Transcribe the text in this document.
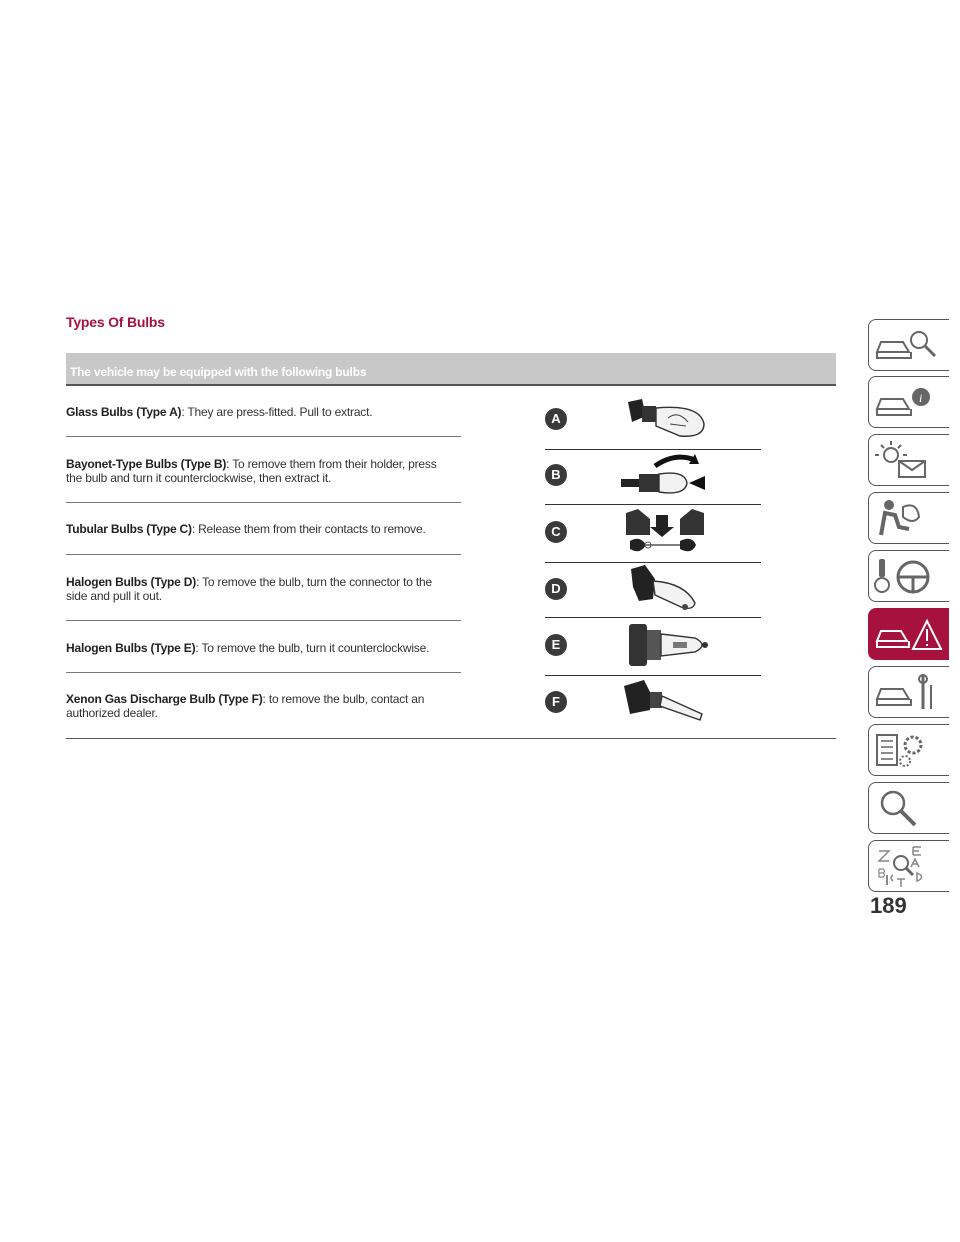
Types Of Bulbs
The vehicle may be equipped with the following bulbs
Glass Bulbs (Type A): They are press-fitted. Pull to extract.
Bayonet-Type Bulbs (Type B): To remove them from their holder, press the bulb and turn it counterclockwise, then extract it.
Tubular Bulbs (Type C): Release them from their contacts to remove.
Halogen Bulbs (Type D): To remove the bulb, turn the connector to the side and pull it out.
Halogen Bulbs (Type E): To remove the bulb, turn it counterclockwise.
Xenon Gas Discharge Bulb (Type F): to remove the bulb, contact an authorized dealer.
A
B
C
D
E
F
i
189
